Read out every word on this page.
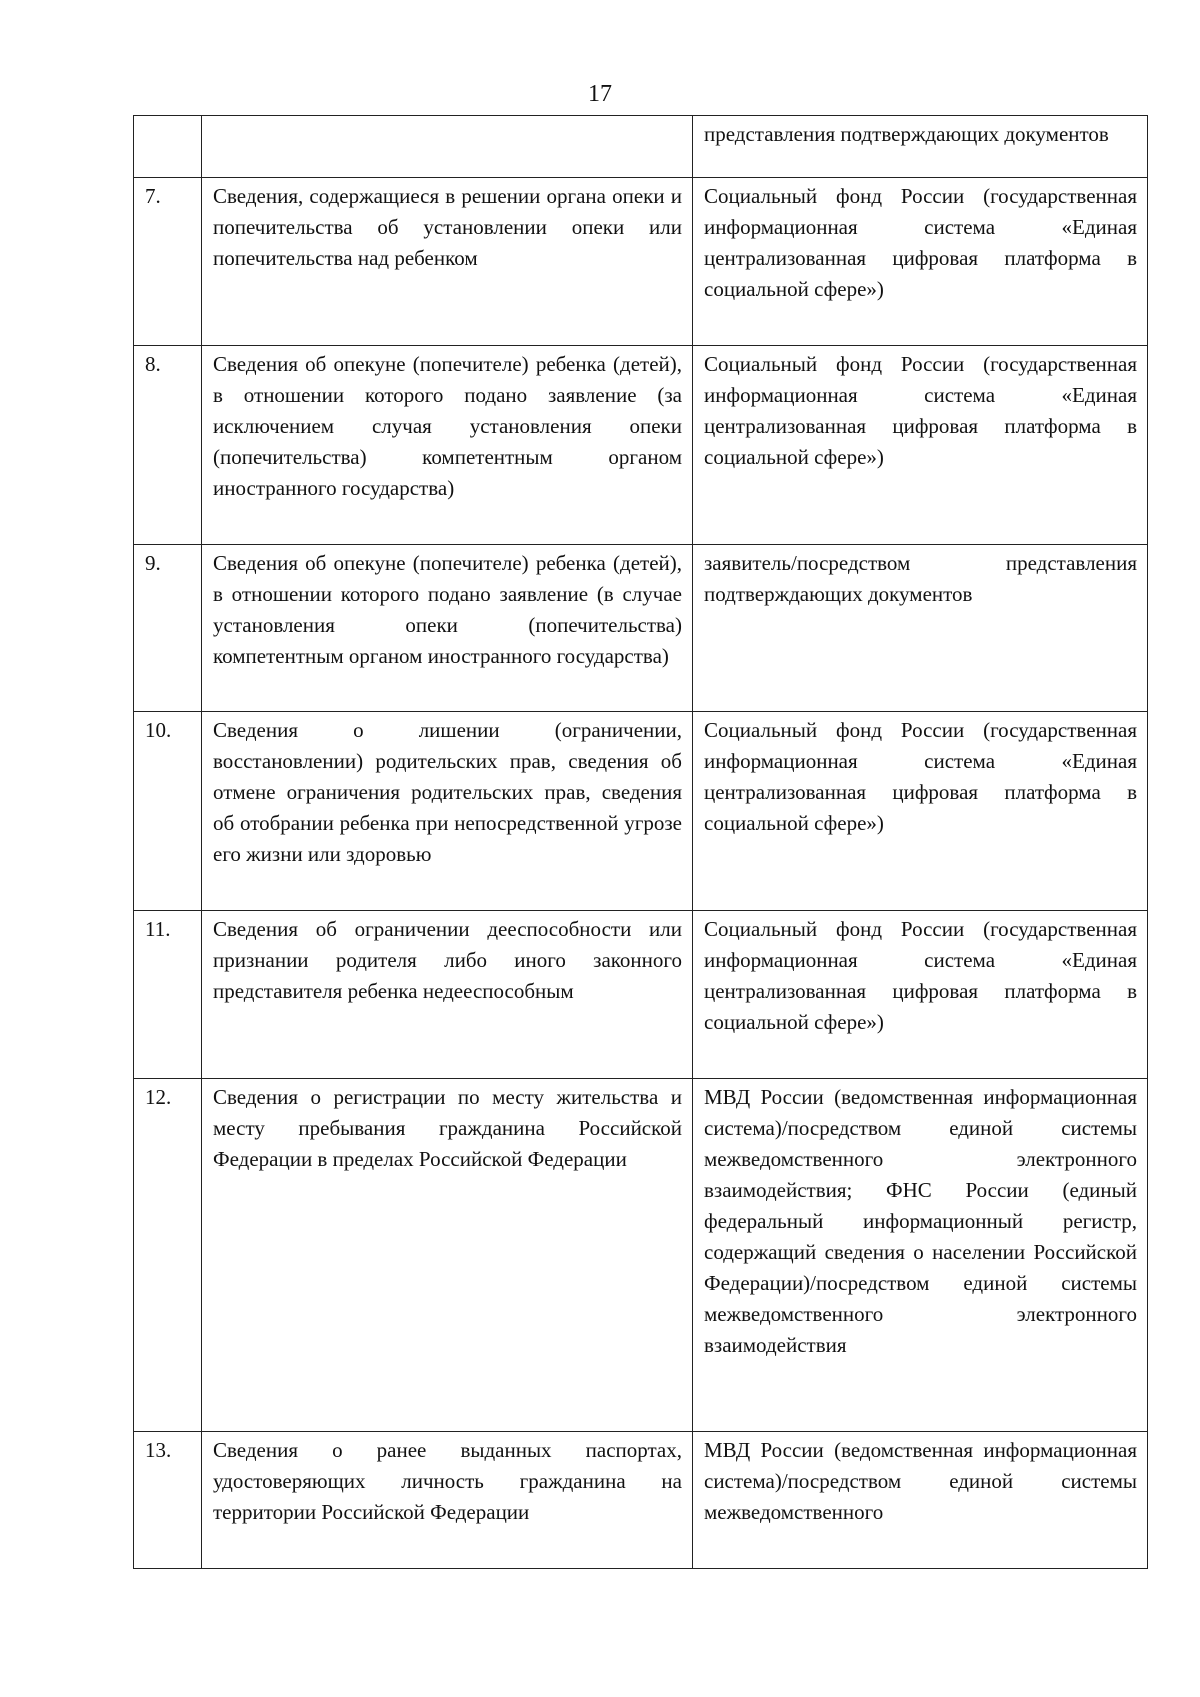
17
		представления подтверждающих документов
7.	Сведения, содержащиеся в решении органа опеки и попечительства об установлении опеки или попечительства над ребенком	Социальный фонд России (государственная информационная система «Единая централизованная цифровая платформа в социальной сфере»)
8.	Сведения об опекуне (попечителе) ребенка (детей), в отношении которого подано заявление (за исключением случая установления опеки (попечительства) компетентным органом иностранного государства)	Социальный фонд России (государственная информационная система «Единая централизованная цифровая платформа в социальной сфере»)
9.	Сведения об опекуне (попечителе) ребенка (детей), в отношении которого подано заявление (в случае установления опеки (попечительства) компетентным органом иностранного государства)	заявитель/посредством представления подтверждающих документов
10.	Сведения о лишении (ограничении, восстановлении) родительских прав, сведения об отмене ограничения родительских прав, сведения об отобрании ребенка при непосредственной угрозе его жизни или здоровью	Социальный фонд России (государственная информационная система «Единая централизованная цифровая платформа в социальной сфере»)
11.	Сведения об ограничении дееспособности или признании родителя либо иного законного представителя ребенка недееспособным	Социальный фонд России (государственная информационная система «Единая централизованная цифровая платформа в социальной сфере»)
12.	Сведения о регистрации по месту жительства и месту пребывания гражданина Российской Федерации в пределах Российской Федерации	МВД России (ведомственная информационная система)/посредством единой системы межведомственного электронного взаимодействия; ФНС России (единый федеральный информационный регистр, содержащий сведения о населении Российской Федерации)/посредством единой системы межведомственного электронного взаимодействия
13.	Сведения о ранее выданных паспортах, удостоверяющих личность гражданина на территории Российской Федерации	МВД России (ведомственная информационная система)/посредством единой системы межведомственного
